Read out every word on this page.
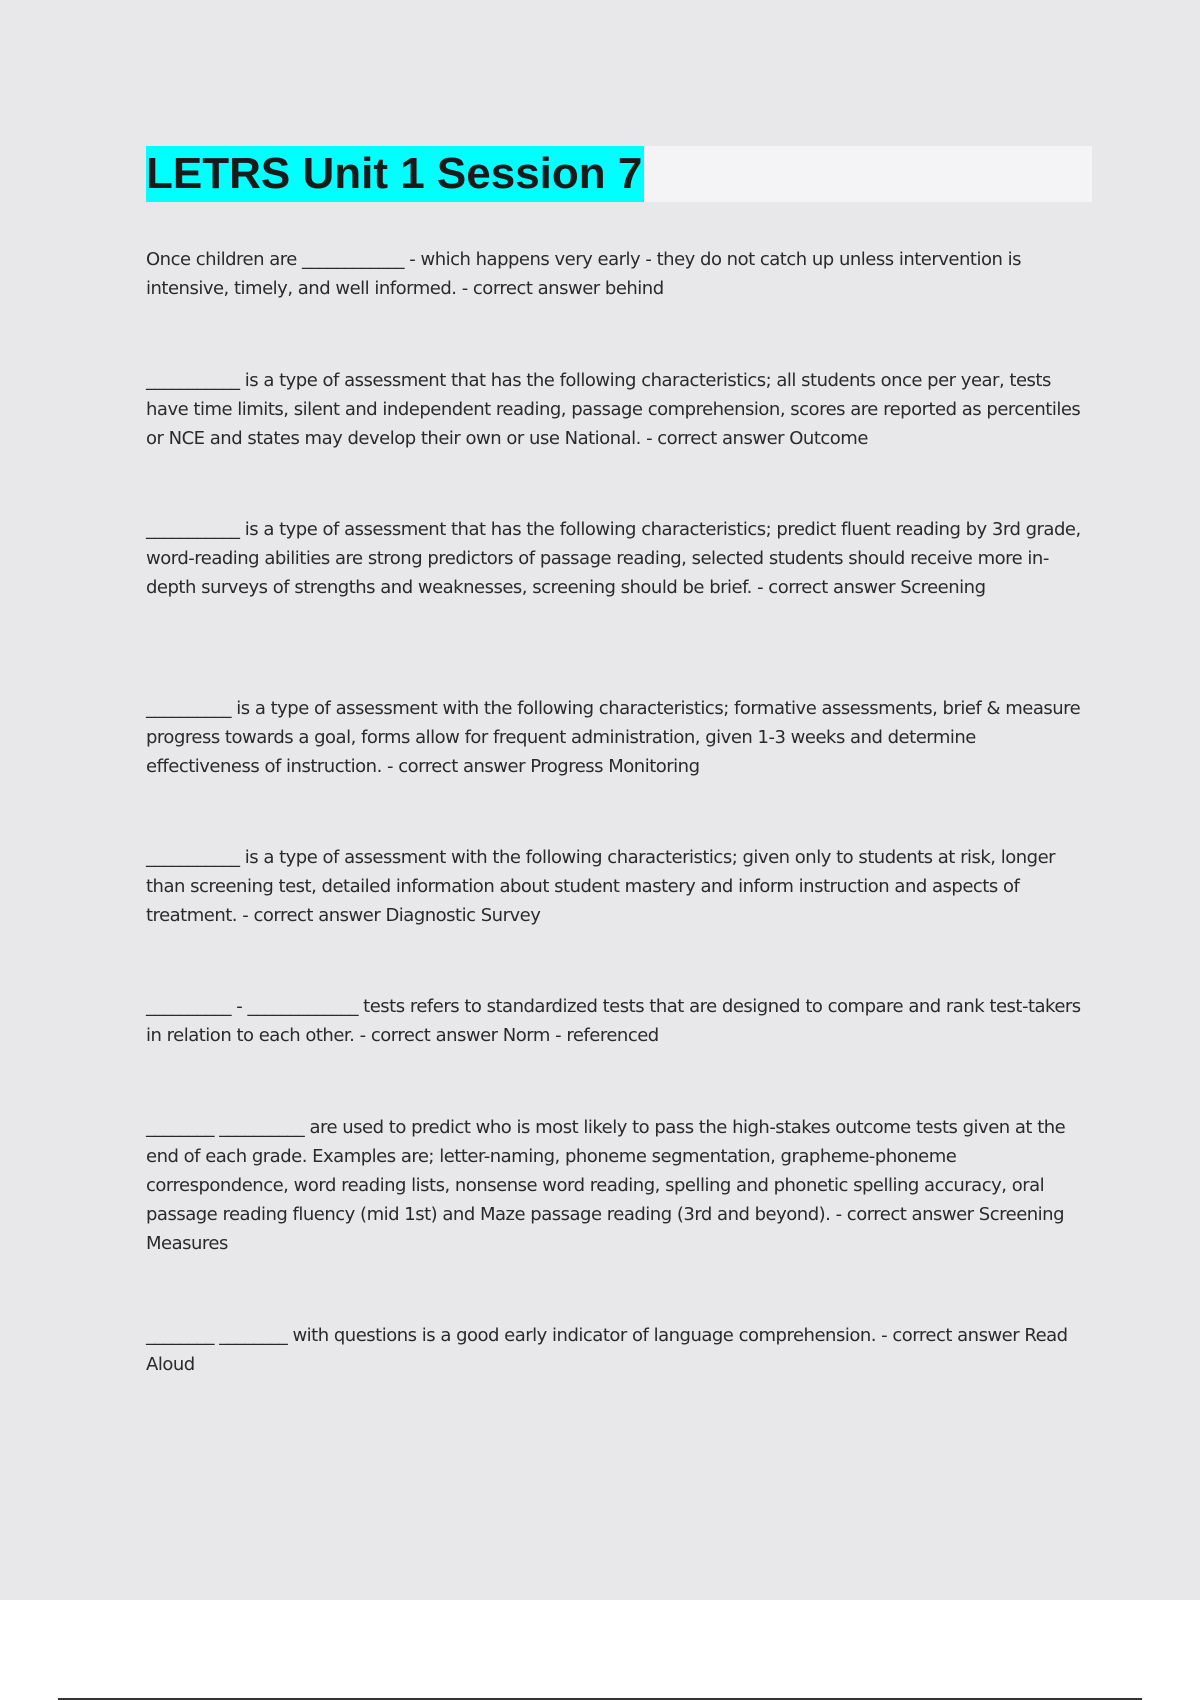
LETRS Unit 1 Session 7

Once children are ____________ - which happens very early - they do not catch up unless intervention is intensive, timely, and well informed. - correct answer behind

___________ is a type of assessment that has the following characteristics; all students once per year, tests have time limits, silent and independent reading, passage comprehension, scores are reported as percentiles or NCE and states may develop their own or use National. - correct answer Outcome

___________ is a type of assessment that has the following characteristics; predict fluent reading by 3rd grade, word-reading abilities are strong predictors of passage reading, selected students should receive more in-depth surveys of strengths and weaknesses, screening should be brief. - correct answer Screening

__________ is a type of assessment with the following characteristics; formative assessments, brief & measure progress towards a goal, forms allow for frequent administration, given 1-3 weeks and determine effectiveness of instruction. - correct answer Progress Monitoring

___________ is a type of assessment with the following characteristics; given only to students at risk, longer than screening test, detailed information about student mastery and inform instruction and aspects of treatment. - correct answer Diagnostic Survey

__________ - _____________ tests refers to standardized tests that are designed to compare and rank test-takers in relation to each other. - correct answer Norm - referenced

________ __________ are used to predict who is most likely to pass the high-stakes outcome tests given at the end of each grade. Examples are; letter-naming, phoneme segmentation, grapheme-phoneme correspondence, word reading lists, nonsense word reading, spelling and phonetic spelling accuracy, oral passage reading fluency (mid 1st) and Maze passage reading (3rd and beyond). - correct answer Screening Measures

________ ________ with questions is a good early indicator of language comprehension. - correct answer Read Aloud
